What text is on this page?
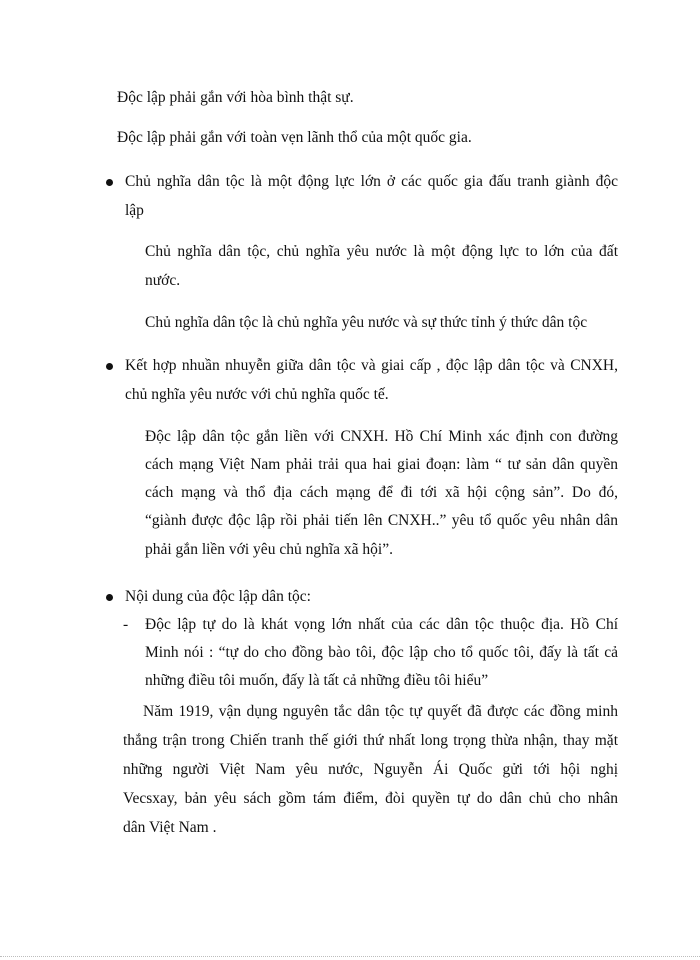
Độc lập phải gắn với hòa bình thật sự.
Độc lập phải gắn với toàn vẹn lãnh thổ của một quốc gia.
Chủ nghĩa dân tộc là một động lực lớn ở các quốc gia đấu tranh giành độc
lập
Chủ nghĩa dân tộc, chủ nghĩa yêu nước là một động lực to lớn của đất
nước.
Chủ nghĩa dân tộc là chủ nghĩa yêu nước và sự thức tỉnh ý thức dân tộc
Kết hợp nhuần nhuyễn giữa dân tộc và giai cấp , độc lập dân tộc và CNXH,
chủ nghĩa yêu nước với chủ nghĩa quốc tế.
Độc lập dân tộc gắn liền với CNXH. Hồ Chí Minh xác định con đường
cách mạng Việt Nam phải trải qua hai giai đoạn: làm “ tư sản dân quyền
cách mạng và thổ địa cách mạng để đi tới xã hội cộng sản”. Do đó,
“giành được độc lập rồi phải tiến lên CNXH..” yêu tổ quốc yêu nhân dân
phải gắn liền với yêu chủ nghĩa xã hội”.
Nội dung của độc lập dân tộc:
- Độc lập tự do là khát vọng lớn nhất của các dân tộc thuộc địa. Hồ Chí
Minh nói : “tự do cho đồng bào tôi, độc lập cho tổ quốc tôi, đấy là tất cả
những điều tôi muốn, đấy là tất cả những điều tôi hiểu”
Năm 1919, vận dụng nguyên tắc dân tộc tự quyết đã được các đồng minh
thắng trận trong Chiến tranh thế giới thứ nhất long trọng thừa nhận, thay mặt
những người Việt Nam yêu nước, Nguyễn Ái Quốc gửi tới hội nghị
Vecsxay, bản yêu sách gồm tám điểm, đòi quyền tự do dân chủ cho nhân
dân Việt Nam .
